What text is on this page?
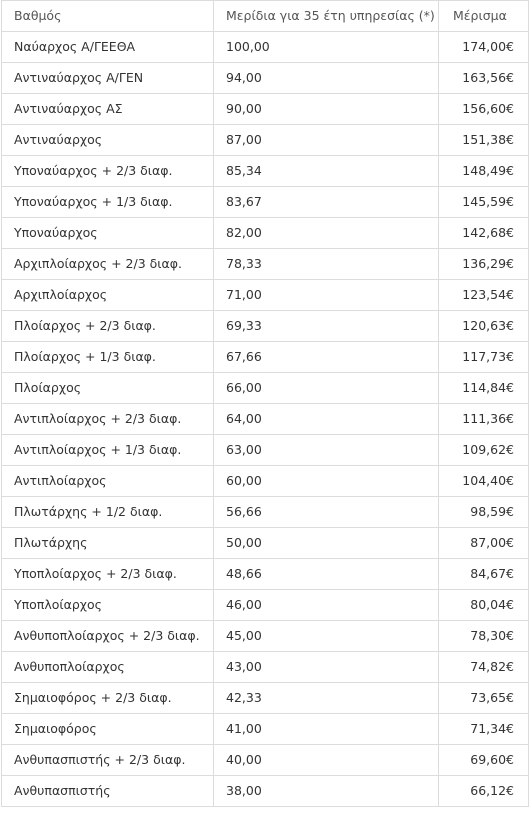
Βαθμός	Μερίδια για 35 έτη υπηρεσίας (*)	Μέρισμα
Ναύαρχος Α/ΓΕΕΘΑ	100,00	174,00€
Αντιναύαρχος Α/ΓΕΝ	94,00	163,56€
Αντιναύαρχος ΑΣ	90,00	156,60€
Αντιναύαρχος	87,00	151,38€
Υποναύαρχος + 2/3 διαφ.	85,34	148,49€
Υποναύαρχος + 1/3 διαφ.	83,67	145,59€
Υποναύαρχος	82,00	142,68€
Αρχιπλοίαρχος + 2/3 διαφ.	78,33	136,29€
Αρχιπλοίαρχος	71,00	123,54€
Πλοίαρχος + 2/3 διαφ.	69,33	120,63€
Πλοίαρχος + 1/3 διαφ.	67,66	117,73€
Πλοίαρχος	66,00	114,84€
Αντιπλοίαρχος + 2/3 διαφ.	64,00	111,36€
Αντιπλοίαρχος + 1/3 διαφ.	63,00	109,62€
Αντιπλοίαρχος	60,00	104,40€
Πλωτάρχης + 1/2 διαφ.	56,66	98,59€
Πλωτάρχης	50,00	87,00€
Υποπλοίαρχος + 2/3 διαφ.	48,66	84,67€
Υποπλοίαρχος	46,00	80,04€
Ανθυποπλοίαρχος + 2/3 διαφ.	45,00	78,30€
Ανθυποπλοίαρχος	43,00	74,82€
Σημαιοφόρος + 2/3 διαφ.	42,33	73,65€
Σημαιοφόρος	41,00	71,34€
Ανθυπασπιστής + 2/3 διαφ.	40,00	69,60€
Ανθυπασπιστής	38,00	66,12€
